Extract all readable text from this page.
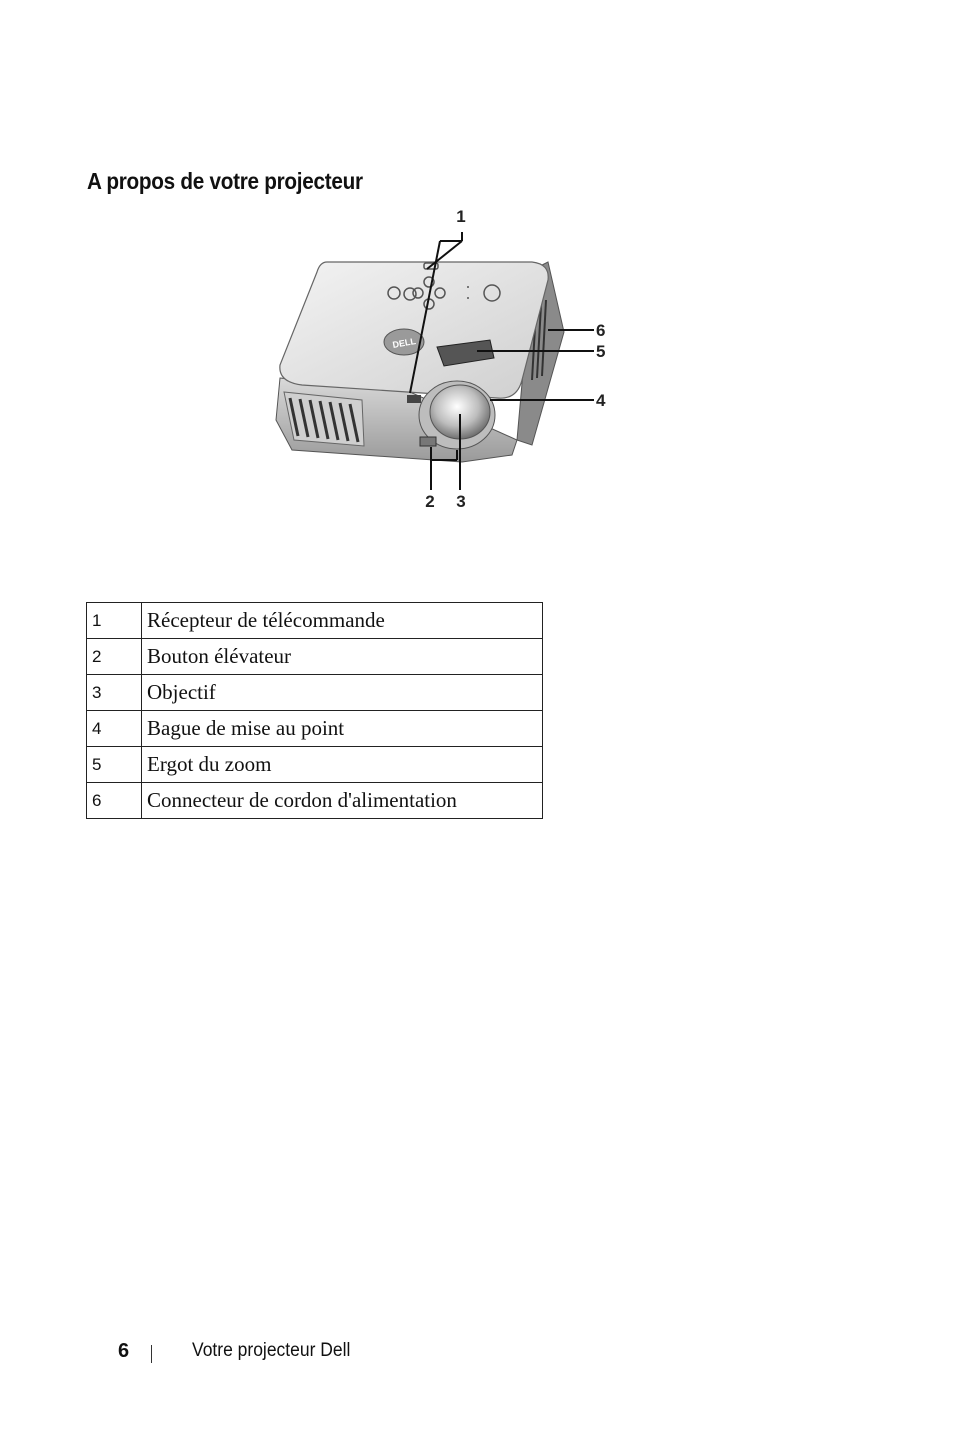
A propos de votre projecteur
DELL
1
2 3
4
5
6
1	Récepteur de télécommande
2	Bouton élévateur
3	Objectif
4	Bague de mise au point
5	Ergot du zoom
6	Connecteur de cordon d'alimentation
6	Votre projecteur Dell
